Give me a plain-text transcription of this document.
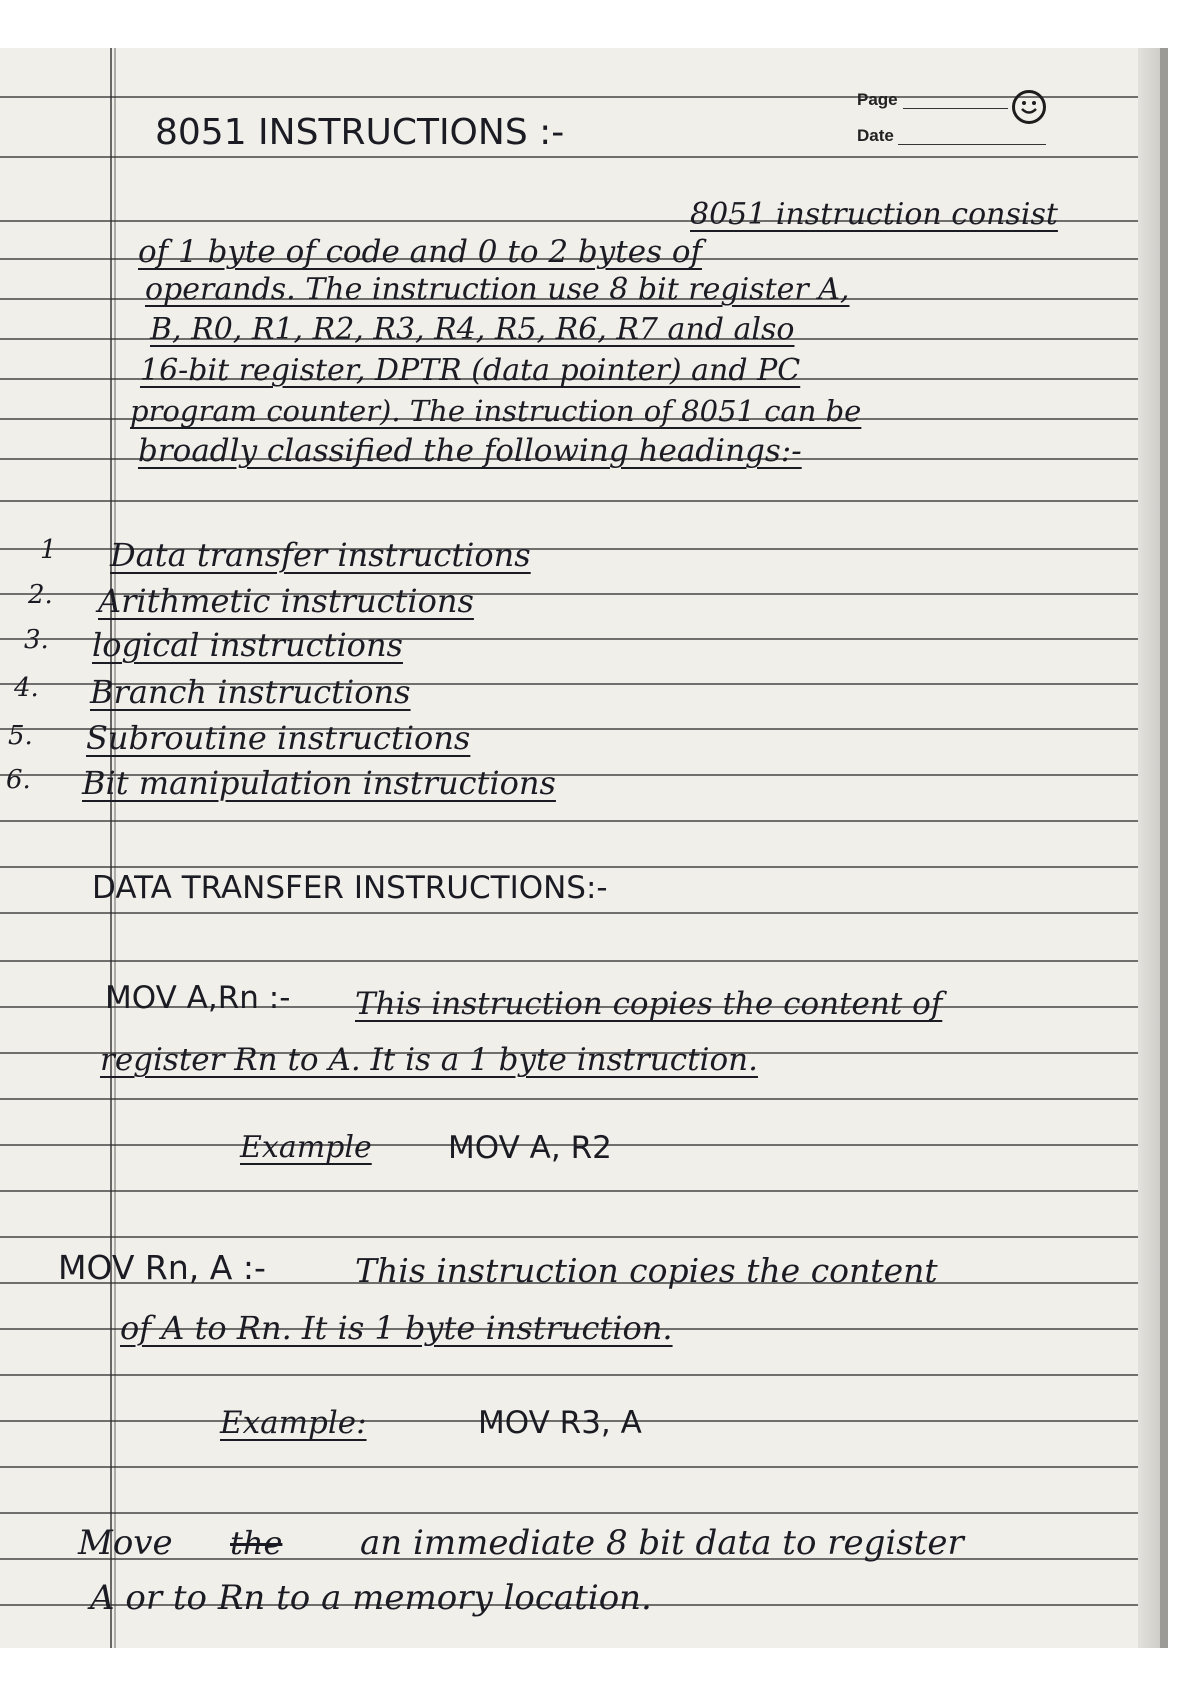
Page
Date
8051 INSTRUCTIONS :-
8051 instruction consist
of 1 byte of code and 0 to 2 bytes of
operands. The instruction use 8 bit register A,
B, R0, R1, R2, R3, R4, R5, R6, R7 and also
16-bit register, DPTR (data pointer) and PC
program counter). The instruction of 8051 can be
broadly classified the following headings:-
1 Data transfer instructions
2. Arithmetic instructions
3. logical instructions
4. Branch instructions
5. Subroutine instructions
6. Bit manipulation instructions
DATA TRANSFER INSTRUCTIONS:-
MOV A,Rn :- This instruction copies the content of
register Rn to A. It is a 1 byte instruction.
Example MOV A, R2
MOV Rn, A :-	This instruction copies the content
of A to Rn. It is 1 byte instruction.
Example:	MOV R3, A
Move the an immediate 8 bit data to register
A or to Rn to a memory location.
